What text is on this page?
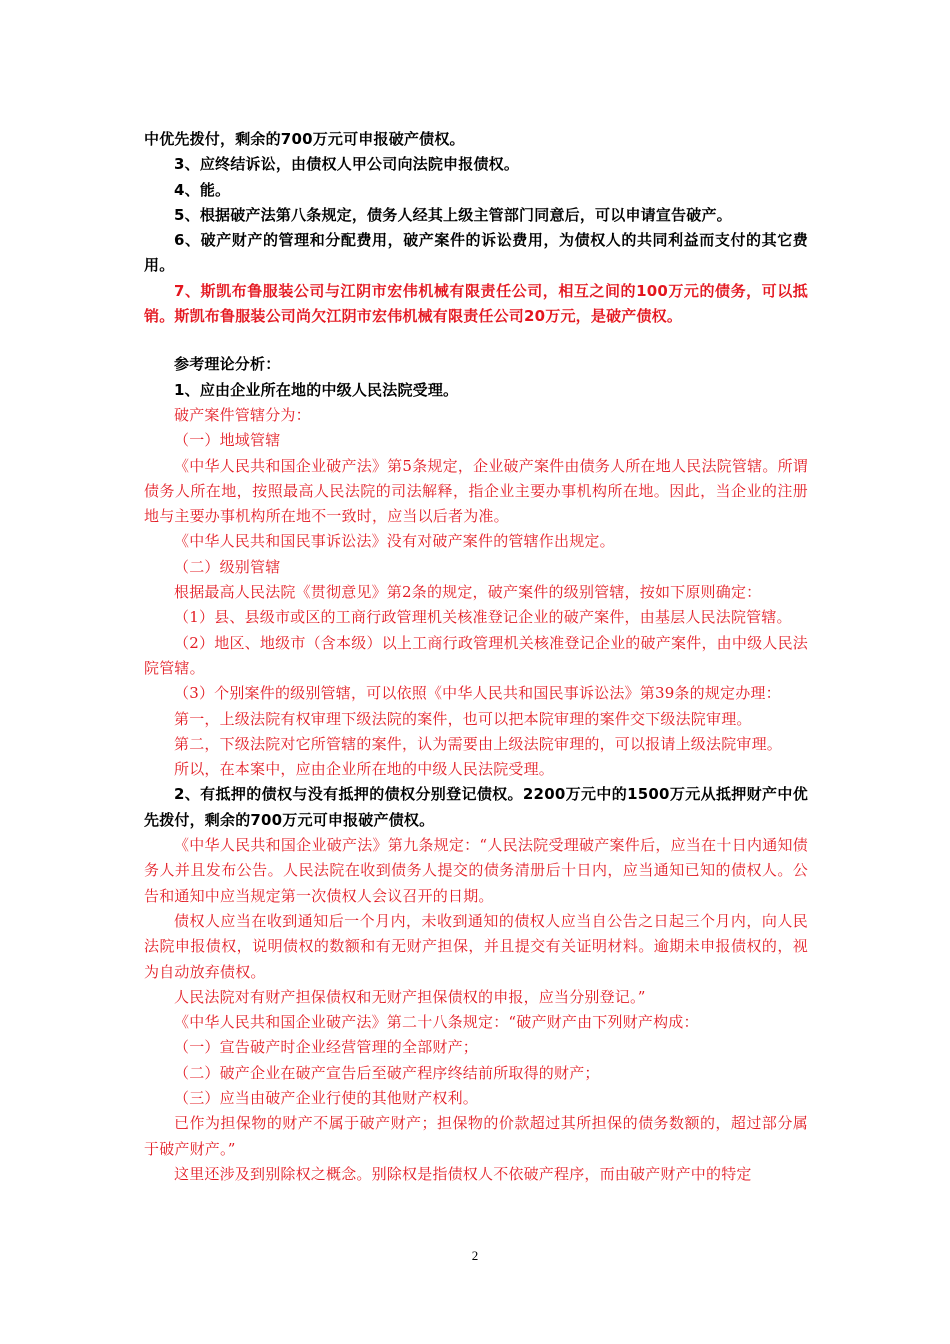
中优先拨付，剩余的700万元可申报破产债权。

3、应终结诉讼，由债权人甲公司向法院申报债权。

4、能。

5、根据破产法第八条规定，债务人经其上级主管部门同意后，可以申请宣告破产。

6、破产财产的管理和分配费用，破产案件的诉讼费用，为债权人的共同利益而支付的其它费用。

7、斯凯布鲁服装公司与江阴市宏伟机械有限责任公司，相互之间的100万元的债务，可以抵销。斯凯布鲁服装公司尚欠江阴市宏伟机械有限责任公司20万元，是破产债权。

参考理论分析：

1、应由企业所在地的中级人民法院受理。

破产案件管辖分为：

（一）地域管辖

《中华人民共和国企业破产法》第5条规定，企业破产案件由债务人所在地人民法院管辖。所谓债务人所在地，按照最高人民法院的司法解释，指企业主要办事机构所在地。因此，当企业的注册地与主要办事机构所在地不一致时，应当以后者为准。

《中华人民共和国民事诉讼法》没有对破产案件的管辖作出规定。

（二）级别管辖

根据最高人民法院《贯彻意见》第2条的规定，破产案件的级别管辖，按如下原则确定：

（1）县、县级市或区的工商行政管理机关核准登记企业的破产案件，由基层人民法院管辖。

（2）地区、地级市（含本级）以上工商行政管理机关核准登记企业的破产案件，由中级人民法院管辖。

（3）个别案件的级别管辖，可以依照《中华人民共和国民事诉讼法》第39条的规定办理：

第一，上级法院有权审理下级法院的案件，也可以把本院审理的案件交下级法院审理。

第二，下级法院对它所管辖的案件，认为需要由上级法院审理的，可以报请上级法院审理。

所以，在本案中，应由企业所在地的中级人民法院受理。

2、有抵押的债权与没有抵押的债权分别登记债权。2200万元中的1500万元从抵押财产中优先拨付，剩余的700万元可申报破产债权。

《中华人民共和国企业破产法》第九条规定：“人民法院受理破产案件后，应当在十日内通知债务人并且发布公告。人民法院在收到债务人提交的债务清册后十日内，应当通知已知的债权人。公告和通知中应当规定第一次债权人会议召开的日期。

债权人应当在收到通知后一个月内，未收到通知的债权人应当自公告之日起三个月内，向人民法院申报债权，说明债权的数额和有无财产担保，并且提交有关证明材料。逾期未申报债权的，视为自动放弃债权。

人民法院对有财产担保债权和无财产担保债权的申报，应当分别登记。”

《中华人民共和国企业破产法》第二十八条规定：“破产财产由下列财产构成：

（一）宣告破产时企业经营管理的全部财产；

（二）破产企业在破产宣告后至破产程序终结前所取得的财产；

（三）应当由破产企业行使的其他财产权利。

已作为担保物的财产不属于破产财产；担保物的价款超过其所担保的债务数额的，超过部分属于破产财产。”

这里还涉及到别除权之概念。别除权是指债权人不依破产程序，而由破产财产中的特定

2
